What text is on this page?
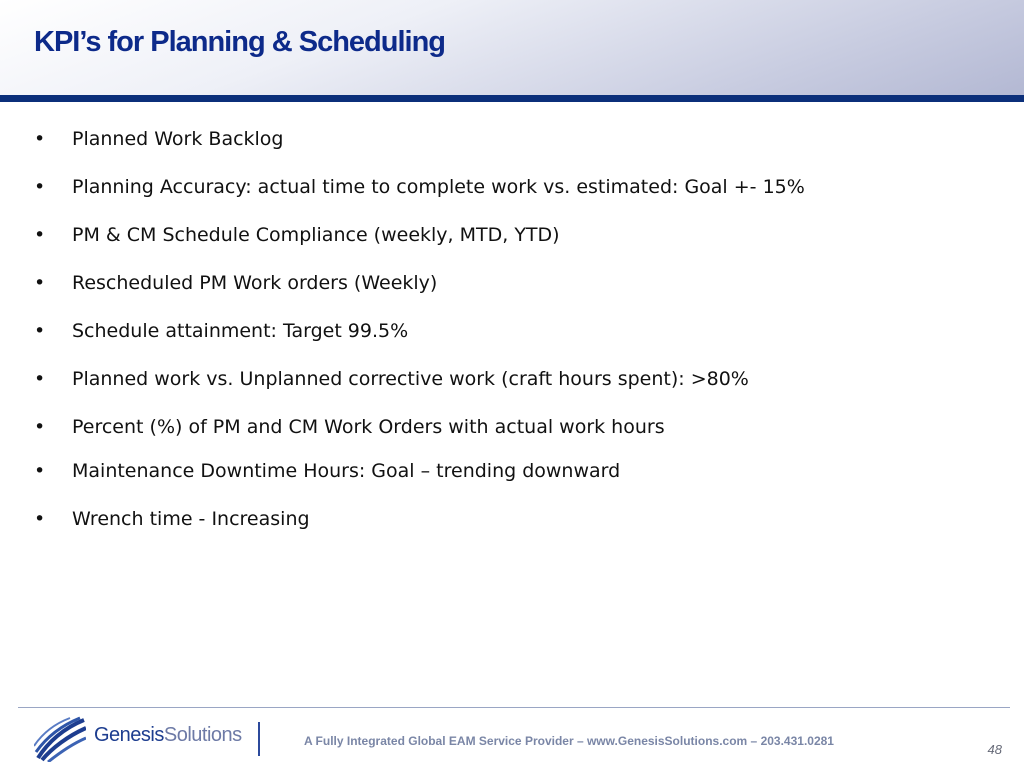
KPI’s for Planning & Scheduling
•	Planned Work Backlog
•	Planning Accuracy: actual time to complete work vs. estimated: Goal +- 15%
•	PM & CM Schedule Compliance (weekly, MTD, YTD)
•	Rescheduled PM Work orders (Weekly)
•	Schedule attainment: Target 99.5%
•	Planned work vs. Unplanned corrective work (craft hours spent): >80%
•	Percent (%) of PM and CM Work Orders with actual work hours
•	Maintenance Downtime Hours: Goal – trending downward
•	Wrench time - Increasing
GenesisSolutions	A Fully Integrated Global EAM Service Provider – www.GenesisSolutions.com – 203.431.0281
48
